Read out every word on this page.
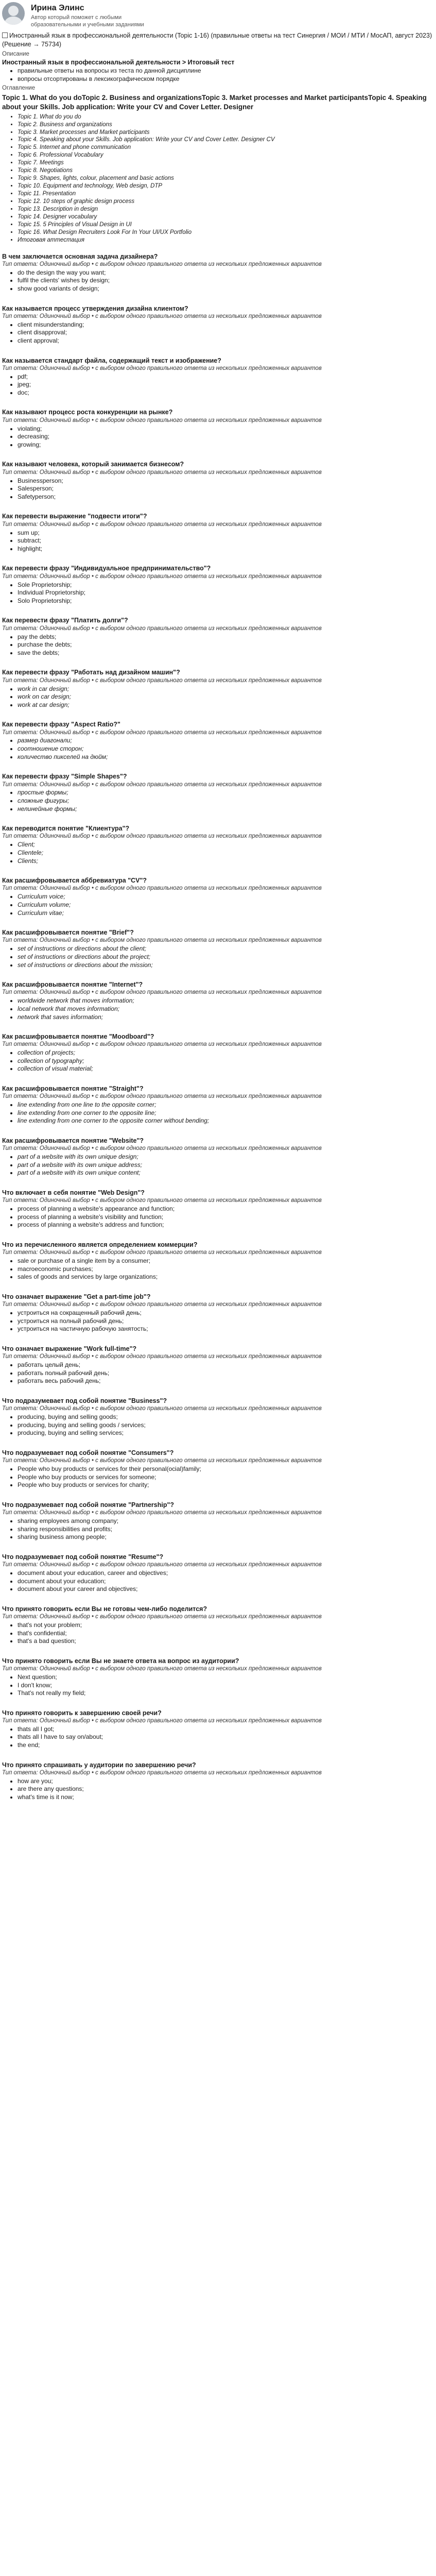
Ирина Элинс
Автор который поможет с любыми образовательными и учебными заданиями
Иностранный язык в профессиональной деятельности (Topic 1-16) (правильные ответы на тест Синергия / МОИ / МТИ / МосАП, август 2023) (Решение → 75734)
Описание
Иностранный язык в профессиональной деятельности > Итоговый тест
• правильные ответы на вопросы из теста по данной дисциплине
• вопросы отсортированы в лексикографическом порядке
Оглавление
Topic 1. What do you doTopic 2. Business and organizationsTopic 3. Market processes and Market participantsTopic 4. Speaking about your Skills. Job application: Write your CV and Cover Letter. Designer
• Topic 1. What do you do
• Topic 2. Business and organizations
• Topic 3. Market processes and Market participants
• Topic 4. Speaking about your Skills. Job application: Write your CV and Cover Letter. Designer CV
• Topic 5. Internet and phone communication
• Topic 6. Professional Vocabulary
• Topic 7. Meetings
• Topic 8. Negotiations
• Topic 9. Shapes, lights, colour, placement and basic actions
• Topic 10. Equipment and technology, Web design, DTP
• Topic 11. Presentation
• Topic 12. 10 steps of graphic design process
• Topic 13. Description in design
• Topic 14. Designer vocabulary
• Topic 15. 5 Principles of Visual Design in UI
• Topic 16. What Design Recruiters Look For In Your UI/UX Portfolio
• Итоговая аттестация
В чем заключается основная задача дизайнера?
Тип ответа: Одиночный выбор • с выбором одного правильного ответа из нескольких предложенных вариантов
• do the design the way you want;
• fulfil the clients' wishes by design;
• show good variants of design;
Как называется процесс утверждения дизайна клиентом?
Тип ответа: Одиночный выбор • с выбором одного правильного ответа из нескольких предложенных вариантов
• client misunderstanding;
• client disapproval;
• client approval;
Как называется стандарт файла, содержащий текст и изображение?
Тип ответа: Одиночный выбор • с выбором одного правильного ответа из нескольких предложенных вариантов
• pdf;
• jpeg;
• doc;
Как называют процесс роста конкуренции на рынке?
Тип ответа: Одиночный выбор • с выбором одного правильного ответа из нескольких предложенных вариантов
• violating;
• decreasing;
• growing;
Как называют человека, который занимается бизнесом?
Тип ответа: Одиночный выбор • с выбором одного правильного ответа из нескольких предложенных вариантов
• Businessperson;
• Salesperson;
• Safetyperson;
Как перевести выражение "подвести итоги"?
Тип ответа: Одиночный выбор • с выбором одного правильного ответа из нескольких предложенных вариантов
• sum up;
• subtract;
• highlight;
Как перевести фразу "Индивидуальное предпринимательство"?
Тип ответа: Одиночный выбор • с выбором одного правильного ответа из нескольких предложенных вариантов
• Sole Proprietorship;
• Individual Proprietorship;
• Solo Proprietorship;
Как перевести фразу "Платить долги"?
Тип ответа: Одиночный выбор • с выбором одного правильного ответа из нескольких предложенных вариантов
• pay the debts;
• purchase the debts;
• save the debts;
Как перевести фразу "Работать над дизайном машин"?
Тип ответа: Одиночный выбор • с выбором одного правильного ответа из нескольких предложенных вариантов
• work in car design;
• work on car design;
• work at car design;
Как перевести фразу "Aspect Ratio?"
Тип ответа: Одиночный выбор • с выбором одного правильного ответа из нескольких предложенных вариантов
• размер диагонали;
• соотношение сторон;
• количество пикселей на дюйм;
Как перевести фразу "Simple Shapes"?
Тип ответа: Одиночный выбор • с выбором одного правильного ответа из нескольких предложенных вариантов
• простые формы;
• сложные фигуры;
• нелинейные формы;
Как переводится понятие "Клиентура"?
Тип ответа: Одиночный выбор • с выбором одного правильного ответа из нескольких предложенных вариантов
• Client;
• Clientele;
• Clients;
Как расшифровывается аббревиатура "CV"?
Тип ответа: Одиночный выбор • с выбором одного правильного ответа из нескольких предложенных вариантов
• Curriculum voice;
• Curriculum volume;
• Curriculum vitae;
Как расшифровывается понятие "Brief"?
Тип ответа: Одиночный выбор • с выбором одного правильного ответа из нескольких предложенных вариантов
• set of instructions or directions about the client;
• set of instructions or directions about the project;
• set of instructions or directions about the mission;
Как расшифровывается понятие "Internet"?
Тип ответа: Одиночный выбор • с выбором одного правильного ответа из нескольких предложенных вариантов
• worldwide network that moves information;
• local network that moves information;
• network that saves information;
Как расшифровывается понятие "Moodboard"?
Тип ответа: Одиночный выбор • с выбором одного правильного ответа из нескольких предложенных вариантов
• collection of projects;
• collection of typography;
• collection of visual material;
Как расшифровывается понятие "Straight"?
Тип ответа: Одиночный выбор • с выбором одного правильного ответа из нескольких предложенных вариантов
• line extending from one line to the opposite corner;
• line extending from one corner to the opposite line;
• line extending from one corner to the opposite corner without bending;
Как расшифровывается понятие "Website"?
Тип ответа: Одиночный выбор • с выбором одного правильного ответа из нескольких предложенных вариантов
• part of a website with its own unique design;
• part of a website with its own unique address;
• part of a website with its own unique content;
Что включает в себя понятие "Web Design"?
Тип ответа: Одиночный выбор • с выбором одного правильного ответа из нескольких предложенных вариантов
• process of planning a website's appearance and function;
• process of planning a website's visibility and function;
• process of planning a website's address and function;
Что из перечисленного является определением коммерции?
Тип ответа: Одиночный выбор • с выбором одного правильного ответа из нескольких предложенных вариантов
• sale or purchase of a single item by a consumer;
• macroeconomic purchases;
• sales of goods and services by large organizations;
Что означает выражение "Get a part-time job"?
Тип ответа: Одиночный выбор • с выбором одного правильного ответа из нескольких предложенных вариантов
• устроиться на сокращенный рабочий день;
• устроиться на полный рабочий день;
• устроиться на частичную рабочую занятость;
Что означает выражение "Work full-time"?
Тип ответа: Одиночный выбор • с выбором одного правильного ответа из нескольких предложенных вариантов
• работать целый день;
• работать полный рабочий день;
• работать весь рабочий день;
Что подразумевает под собой понятие "Business"?
Тип ответа: Одиночный выбор • с выбором одного правильного ответа из нескольких предложенных вариантов
• producing, buying and selling goods;
• producing, buying and selling goods / services;
• producing, buying and selling services;
Что подразумевает под собой понятие "Consumers"?
Тип ответа: Одиночный выбор • с выбором одного правильного ответа из нескольких предложенных вариантов
• People who buy products or services for their personal(ocial)family;
• People who buy products or services for someone;
• People who buy products or services for charity;
Что подразумевает под собой понятие "Partnership"?
Тип ответа: Одиночный выбор • с выбором одного правильного ответа из нескольких предложенных вариантов
• sharing employees among company;
• sharing responsibilities and profits;
• sharing business among people;
Что подразумевает под собой понятие "Resume"?
Тип ответа: Одиночный выбор • с выбором одного правильного ответа из нескольких предложенных вариантов
• document about your education, career and objectives;
• document about your education;
• document about your career and objectives;
Что принято говорить если Вы не готовы чем-либо поделится?
Тип ответа: Одиночный выбор • с выбором одного правильного ответа из нескольких предложенных вариантов
• that's not your problem;
• that's confidential;
• that's a bad question;
Что принято говорить если Вы не знаете ответа на вопрос из аудитории?
Тип ответа: Одиночный выбор • с выбором одного правильного ответа из нескольких предложенных вариантов
• Next question;
• I don't know;
• That's not really my field;
Что принято говорить к завершению своей речи?
Тип ответа: Одиночный выбор • с выбором одного правильного ответа из нескольких предложенных вариантов
• thats all I got;
• thats all I have to say on/about;
• the end;
Что принято спрашивать у аудитории по завершению речи?
Тип ответа: Одиночный выбор • с выбором одного правильного ответа из нескольких предложенных вариантов
• how are you;
• are there any questions;
• what's time is it now;
